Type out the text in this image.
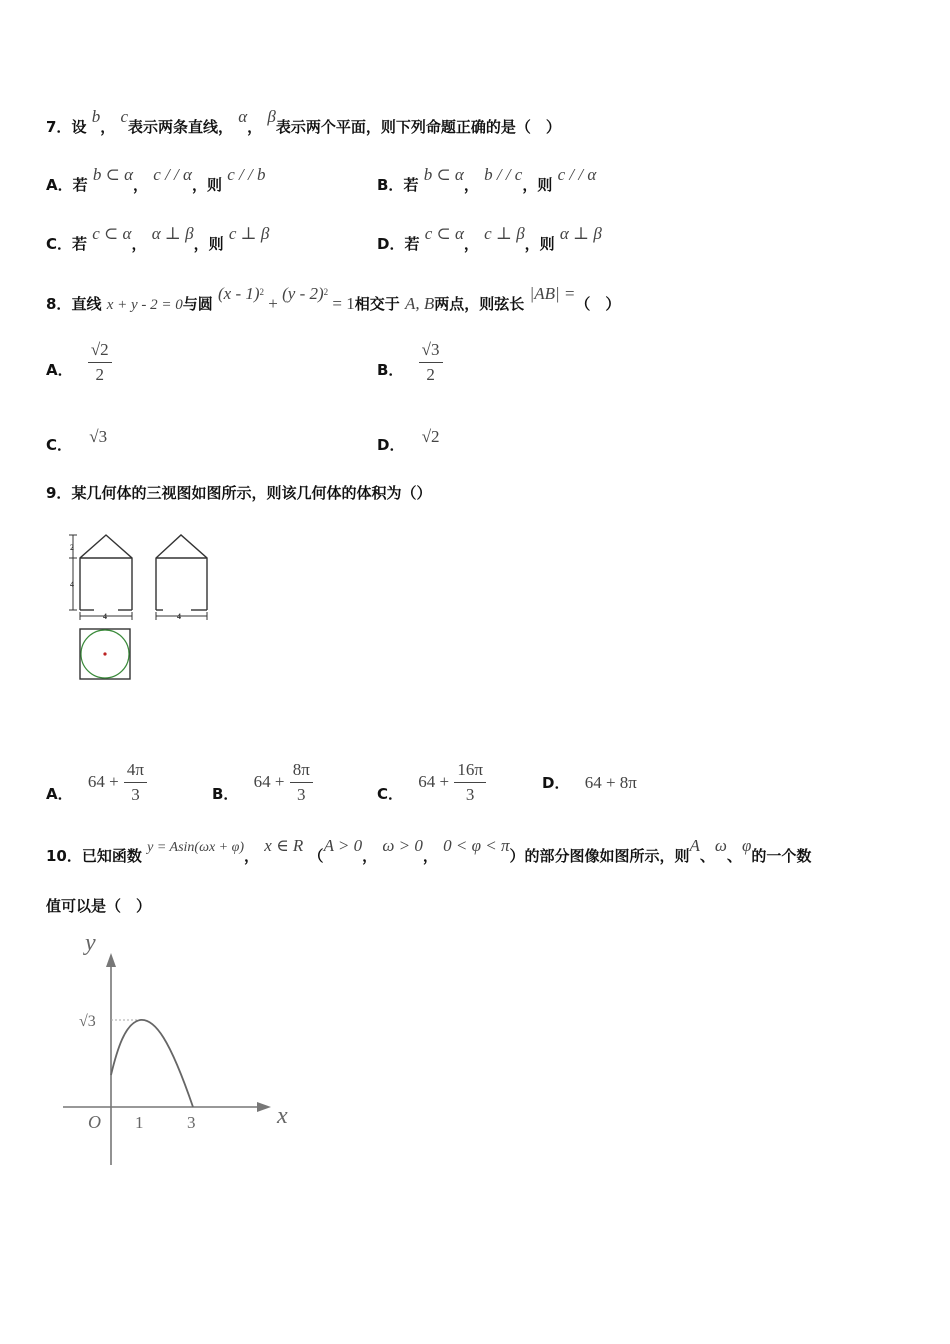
7．设 b， c表示两条直线， α， β表示两个平面，则下列命题正确的是（　）
A．若 b ⊂ α， c / / α，则 c / / b
B．若 b ⊂ α， b / / c，则 c / / α
C．若 c ⊂ α， α ⊥ β，则 c ⊥ β
D．若 c ⊂ α， c ⊥ β，则 α ⊥ β
8．直线 x + y - 2 = 0与圆 (x - 1)$^2$ + (y - 2)$^2$ = 1相交于 A, B两点，则弦长 |AB| =（　）
A． $\frac{√2}{2}$	B． $\frac{√3}{2}$
C． √3	D． √2
9．某几何体的三视图如图所示，则该几何体的体积为（）
2
4
4	4
A． $64 + \frac{4\pi}{3}$	B． $64 + \frac{8\pi}{3}$	C． $64 + \frac{16\pi}{3}$	D． 64 + 8π
10．已知函数 y = Asin(ωx + φ)， x ∈ R （A > 0， ω > 0， 0 < φ < π）的部分图像如图所示，则A、ω、φ的一个数
值可以是（　）
y
x
O 1	3
√3
